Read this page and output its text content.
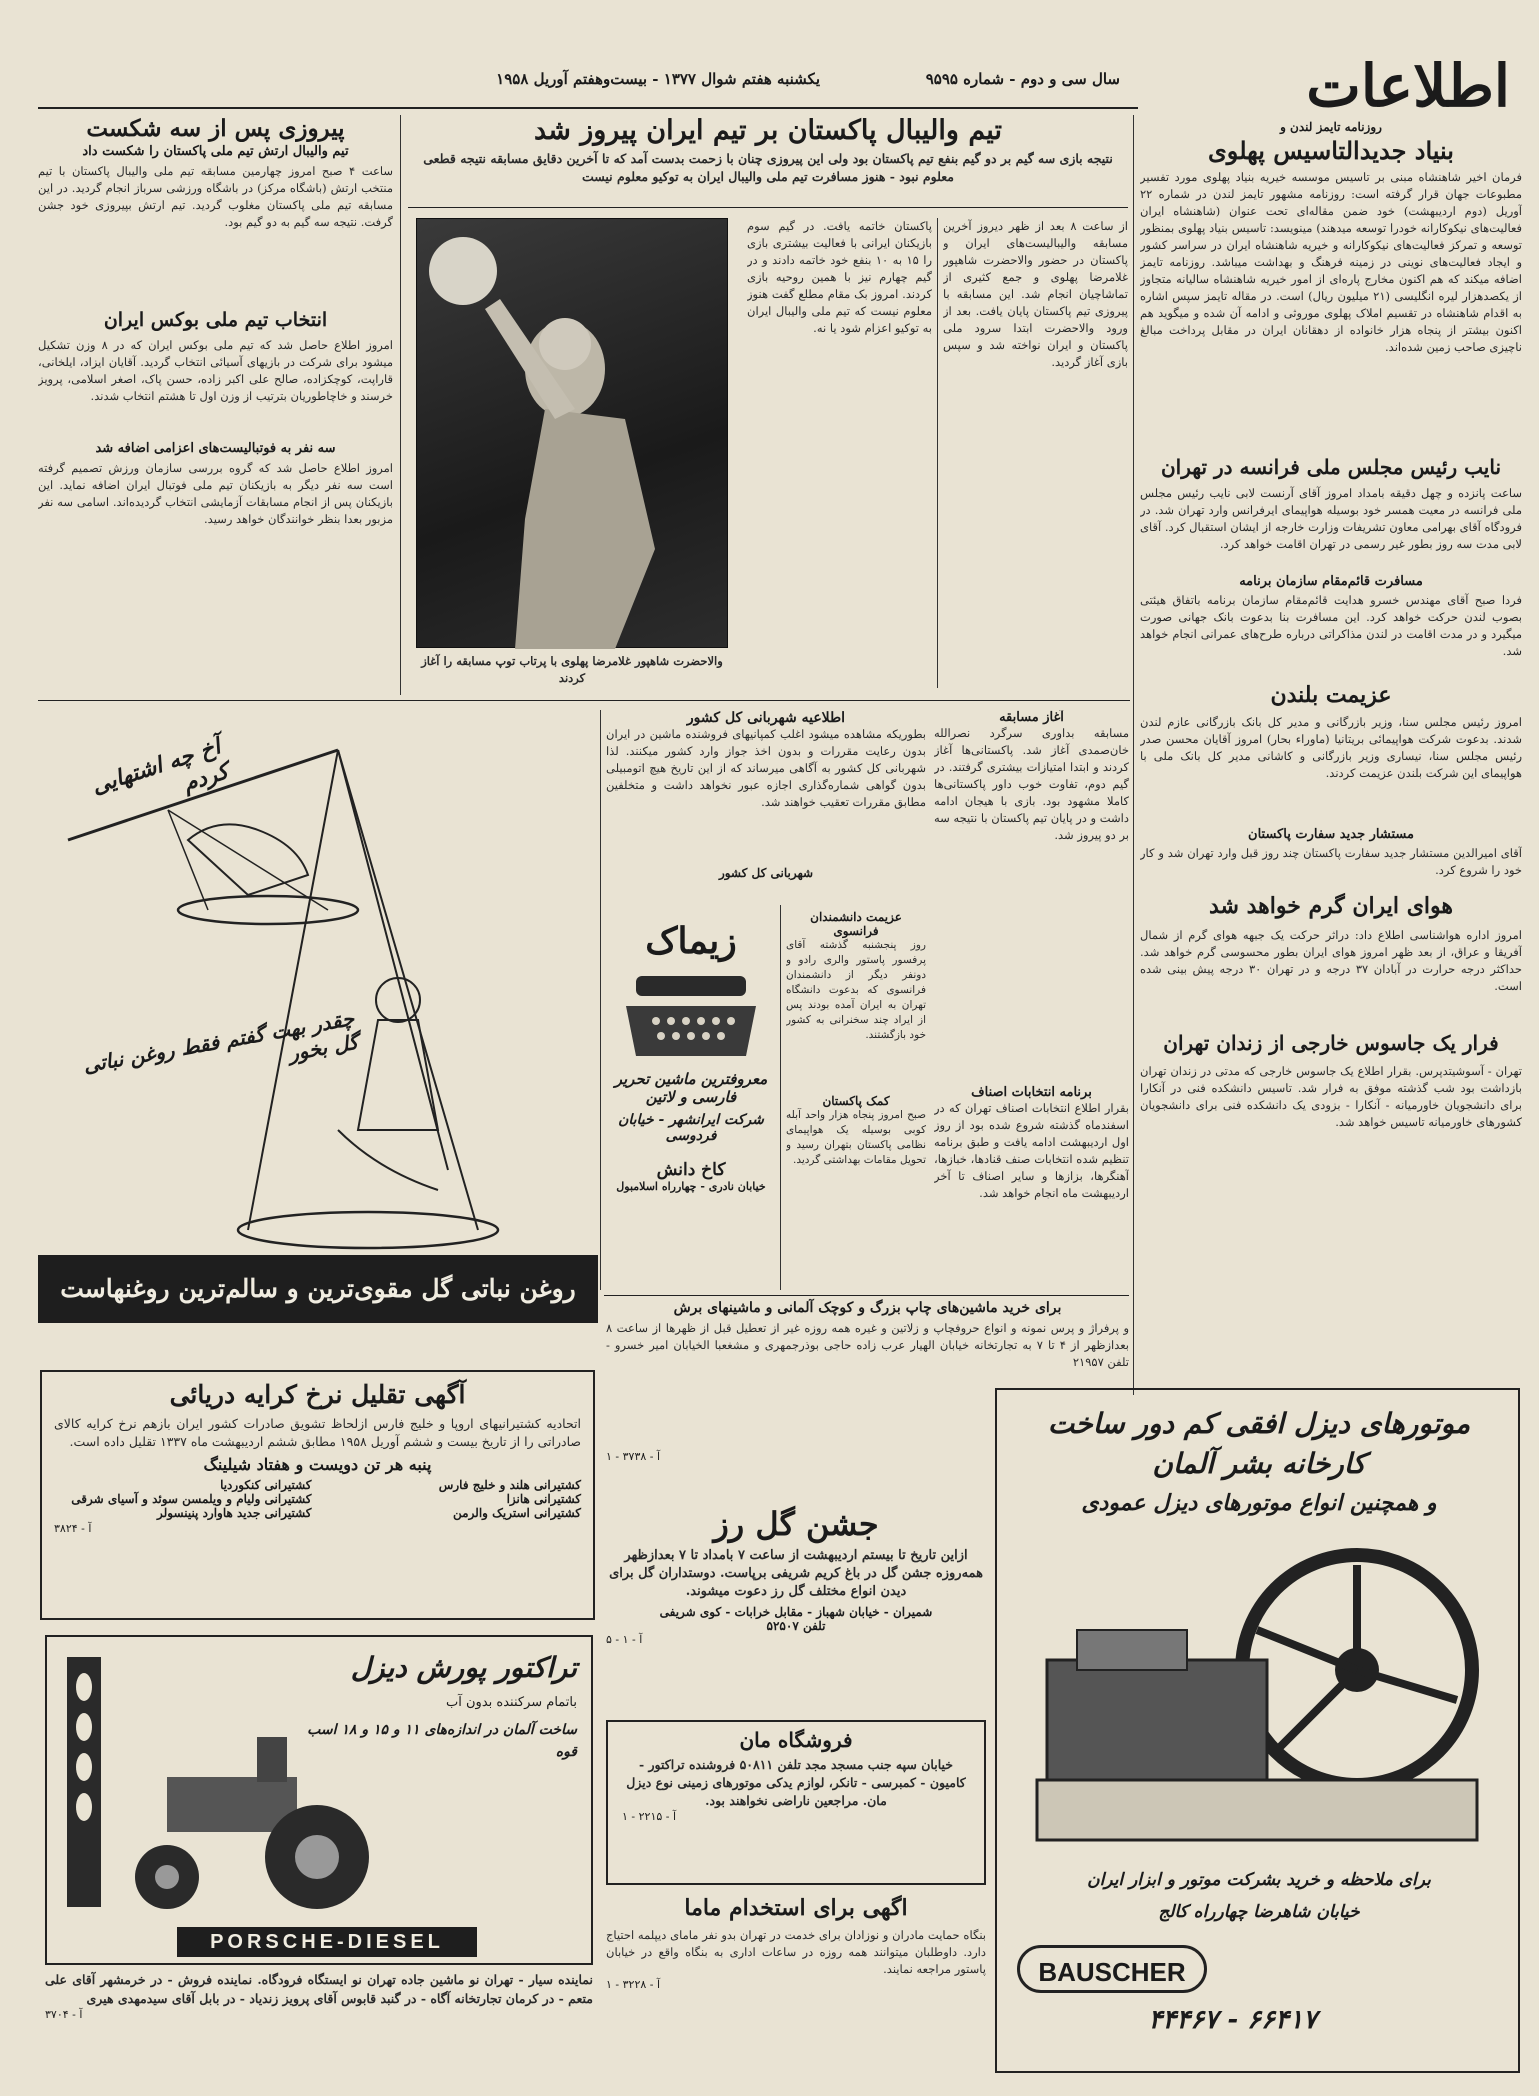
اطلاعات
سال سی و دوم - شماره ۹۵۹۵
یکشنبه هفتم شوال ۱۳۷۷ - بیست‌وهفتم آوریل ۱۹۵۸
روزنامه تایمز لندن و
بنیاد جدیدالتاسیس پهلوی
فرمان اخیر شاهنشاه مبنی بر تاسیس موسسه خیریه بنیاد پهلوی مورد تفسیر مطبوعات جهان قرار گرفته است: روزنامه مشهور تایمز لندن در شماره ۲۲ آوریل (دوم اردیبهشت) خود ضمن مقاله‌ای تحت عنوان (شاهنشاه ایران فعالیت‌های نیکوکارانه خودرا توسعه میدهند) مینویسد: تاسیس بنیاد پهلوی بمنظور توسعه و تمرکز فعالیت‌های نیکوکارانه و خیریه شاهنشاه ایران در سراسر کشور و ایجاد فعالیت‌های نوینی در زمینه فرهنگ و بهداشت میباشد. روزنامه تایمز اضافه میکند که هم اکنون مخارج پاره‌ای از امور خیریه شاهنشاه سالیانه متجاوز از یکصدهزار لیره انگلیسی (۲۱ میلیون ریال) است. در مقاله تایمز سپس اشاره به اقدام شاهنشاه در تقسیم املاک پهلوی موروثی و ادامه آن شده و میگوید هم اکنون بیشتر از پنجاه هزار خانواده از دهقانان ایران در مقابل پرداخت مبالغ ناچیزی صاحب زمین شده‌اند.
نایب رئیس مجلس ملی فرانسه در تهران
ساعت پانزده و چهل دقیقه بامداد امروز آقای آرنست لابی نایب رئیس مجلس ملی فرانسه در معیت همسر خود بوسیله هواپیمای ایرفرانس وارد تهران شد. در فرودگاه آقای بهرامی معاون تشریفات وزارت خارجه از ایشان استقبال کرد. آقای لابی مدت سه روز بطور غیر رسمی در تهران اقامت خواهد کرد.
مسافرت قائم‌مقام سازمان برنامه
فردا صبح آقای مهندس خسرو هدایت قائم‌مقام سازمان برنامه باتفاق هیئتی بصوب لندن حرکت خواهد کرد. این مسافرت بنا بدعوت بانک جهانی صورت میگیرد و در مدت اقامت در لندن مذاکراتی درباره طرح‌های عمرانی انجام خواهد شد.
عزیمت بلندن
امروز رئیس مجلس سنا، وزیر بازرگانی و مدیر کل بانک بازرگانی عازم لندن شدند. بدعوت شرکت هواپیمائی بریتانیا (ماوراء بحار) امروز آقایان محسن صدر رئیس مجلس سنا، نیساری وزیر بازرگانی و کاشانی مدیر کل بانک ملی با هواپیمای این شرکت بلندن عزیمت کردند.
مستشار جدید سفارت پاکستان
آقای امیرالدین مستشار جدید سفارت پاکستان چند روز قبل وارد تهران شد و کار خود را شروع کرد.
هوای ایران گرم خواهد شد
امروز اداره هواشناسی اطلاع داد: دراثر حرکت یک جبهه هوای گرم از شمال آفریقا و عراق، از بعد ظهر امروز هوای ایران بطور محسوسی گرم خواهد شد. حداکثر درجه حرارت در آبادان ۳۷ درجه و در تهران ۳۰ درجه پیش بینی شده است.
فرار یک جاسوس خارجی از زندان تهران
تهران - آسوشیتدپرس. بقرار اطلاع یک جاسوس خارجی که مدتی در زندان تهران بازداشت بود شب گذشته موفق به فرار شد. تاسیس دانشکده فنی در آنکارا برای دانشجویان خاورمیانه - آنکارا - بزودی یک دانشکده فنی برای دانشجویان کشورهای خاورمیانه تاسیس خواهد شد.
تیم والیبال پاکستان بر تیم ایران پیروز شد
نتیجه بازی سه گیم بر دو گیم بنفع تیم پاکستان بود ولی این پیروزی چنان با زحمت بدست آمد که تا آخرین دقایق مسابقه نتیجه قطعی معلوم نبود - هنوز مسافرت تیم ملی والیبال ایران به توکیو معلوم نیست
والاحضرت شاهپور غلامرضا پهلوی با پرتاب توپ مسابقه را آغاز کردند
از ساعت ۸ بعد از ظهر دیروز آخرین مسابقه والیبالیست‌های ایران و پاکستان در حضور والاحضرت شاهپور غلامرضا پهلوی و جمع کثیری از تماشاچیان انجام شد. این مسابقه با پیروزی تیم پاکستان پایان یافت. بعد از ورود والاحضرت ابتدا سرود ملی پاکستان و ایران نواخته شد و سپس بازی آغاز گردید.
پاکستان خاتمه یافت. در گیم سوم بازیکنان ایرانی با فعالیت بیشتری بازی را ۱۵ به ۱۰ بنفع خود خاتمه دادند و در گیم چهارم نیز با همین روحیه بازی کردند. امروز بک مقام مطلع گفت هنوز معلوم نیست که تیم ملی والیبال ایران به توکیو اعزام شود یا نه.
پیروزی پس از سه شکست
تیم والیبال ارتش تیم ملی پاکستان را شکست داد
ساعت ۴ صبح امروز چهارمین مسابقه تیم ملی والیبال پاکستان با تیم منتخب ارتش (باشگاه مرکز) در باشگاه ورزشی سرباز انجام گردید. در این مسابقه تیم ملی پاکستان مغلوب گردید. تیم ارتش بپیروزی خود جشن گرفت. نتیجه سه گیم به دو گیم بود.
انتخاب تیم ملی بوکس ایران
امروز اطلاع حاصل شد که تیم ملی بوکس ایران که در ۸ وزن تشکیل میشود برای شرکت در بازیهای آسیائی انتخاب گردید. آقایان ایزاد، ایلخانی، قاراپت، کوچکزاده، صالح علی اکبر زاده، حسن پاک، اصغر اسلامی، پرویز خرسند و خاچاطوریان بترتیب از وزن اول تا هشتم انتخاب شدند.
سه نفر به فوتبالیست‌های اعزامی اضافه شد
امروز اطلاع حاصل شد که گروه بررسی سازمان ورزش تصمیم گرفته است سه نفر دیگر به بازیکنان تیم ملی فوتبال ایران اضافه نماید. این بازیکنان پس از انجام مسابقات آزمایشی انتخاب گردیده‌اند. اسامی سه نفر مزبور بعدا بنظر خوانندگان خواهد رسید.
آخ چه اشتهایی کردم
چقدر بهت گفتم فقط روغن نباتی گل بخور
روغن نباتی گل مقوی‌ترین و سالم‌ترین روغنهاست
اطلاعیه شهربانی کل کشور
بطوریکه مشاهده میشود اغلب کمپانیهای فروشنده ماشین در ایران بدون رعایت مقررات و بدون اخذ جواز وارد کشور میکنند. لذا شهربانی کل کشور به آگاهی میرساند که از این تاریخ هیچ اتومبیلی بدون گواهی شماره‌گذاری اجازه عبور نخواهد داشت و متخلفین مطابق مقررات تعقیب خواهند شد.
شهربانی کل کشور
عزیمت دانشمندان فرانسوی
روز پنجشنبه گذشته آقای پرفسور پاستور والری رادو و دونفر دیگر از دانشمندان فرانسوی که بدعوت دانشگاه تهران به ایران آمده بودند پس از ایراد چند سخنرانی به کشور خود بازگشتند.
کمک پاکستان
صبح امروز پنجاه هزار واحد آبله کوبی بوسیله یک هواپیمای نظامی پاکستان بتهران رسید و تحویل مقامات بهداشتی گردید.
زیماک
معروفترین ماشین تحریر فارسی و لاتین
شرکت ایرانشهر - خیابان فردوسی
کاخ دانش
خیابان نادری - چهارراه اسلامبول
آغاز مسابقه
مسابقه بداوری سرگرد نصرالله خان‌صمدی آغاز شد. پاکستانی‌ها آغاز کردند و ابتدا امتیازات بیشتری گرفتند. در گیم دوم، تفاوت خوب داور پاکستانی‌ها کاملا مشهود بود. بازی با هیجان ادامه داشت و در پایان تیم پاکستان با نتیجه سه بر دو پیروز شد.
برنامه انتخابات اصناف
بقرار اطلاع انتخابات اصناف تهران که در اسفندماه گذشته شروع شده بود از روز اول اردیبهشت ادامه یافت و طبق برنامه تنظیم شده انتخابات صنف قنادها، خبازها، آهنگرها، بزازها و سایر اصناف تا آخر اردیبهشت ماه انجام خواهد شد.
برای خرید ماشین‌های چاپ بزرگ و کوچک آلمانی و ماشینهای برش
و پرفراژ و پرس نمونه و انواع حروفچاپ و زلاتین و غیره همه روزه غیر از تعطیل قبل از ظهرها از ساعت ۸ بعدازظهر از ۴ تا ۷ به تجارتخانه خیابان الهیار عرب زاده حاجی بوذرجمهری و مشغعبا الخیابان امیر خسرو - تلفن ۲۱۹۵۷
آ - ۳۷۳۸ - ۱
آگهی تقلیل نرخ کرایه دریائی
اتحادیه کشتیرانیهای اروپا و خلیج فارس ازلحاظ تشویق صادرات کشور ایران بازهم نرخ کرایه کالای صادراتی را از تاریخ بیست و ششم آوریل ۱۹۵۸ مطابق ششم اردیبهشت ماه ۱۳۳۷ تقلیل داده است.
پنبه هر تن دویست و هفتاد شیلینگ
کشتیرانی هلند و خلیج فارس
کشتیرانی کنکوردیا
کشتیرانی هانزا
کشتیرانی ولیام و ویلمسن سوئد و آسیای شرقی
کشتیرانی استریک والرمن
کشتیرانی جدید هاوارد پنینسولر
آ - ۳۸۲۴	جشن گل رز
ازاین تاریخ تا بیستم اردیبهشت از ساعت ۷ بامداد تا ۷ بعدازظهر همه‌روزه جشن گل در باغ کریم شریفی برپاست. دوستداران گل برای دیدن انواع مختلف گل رز دعوت میشوند.
شمیران - خیابان شهباز - مقابل خرابات - کوی شریفی
تلفن ۵۲۵۰۷
آ - ۱ - ۵
فروشگاه مان
خیابان سپه جنب مسجد مجد تلفن ۵۰۸۱۱ فروشنده تراکتور - کامیون - کمبرسی - تانکر، لوازم یدکی موتورهای زمینی نوع دیزل مان. مراجعین ناراضی نخواهند بود.
آ - ۲۲۱۵ - ۱
اگهی برای استخدام ماما
بنگاه حمایت مادران و نوزادان برای خدمت در تهران بدو نفر مامای دیپلمه احتیاج دارد. داوطلبان میتوانند همه روزه در ساعات اداری به بنگاه واقع در خیابان پاستور مراجعه نمایند.
آ - ۳۲۲۸ - ۱
تراکتور پورش دیزل
باتمام سرکننده بدون آب
ساخت آلمان در اندازه‌های ۱۱ و ۱۵ و ۱۸ اسب قوه
PORSCHE-DIESEL
نماینده سیار - تهران نو ماشین جاده تهران نو ایستگاه فرودگاه. نماینده فروش - در خرمشهر آقای علی متعم - در کرمان تجارتخانه آگاه - در گنبد قابوس آقای پرویز زندیاد - در بابل آقای سیدمهدی هیری
آ - ۳۷۰۴
موتورهای دیزل افقی کم دور ساخت کارخانه بشر آلمان
و همچنین انواع موتورهای دیزل عمودی
برای ملاحظه و خرید بشرکت موتور و ابزار ایران
خیابان شاهرضا چهارراه کالج
BAUSCHER
۶۶۴۱۷ - ۴۴۴۶۷
